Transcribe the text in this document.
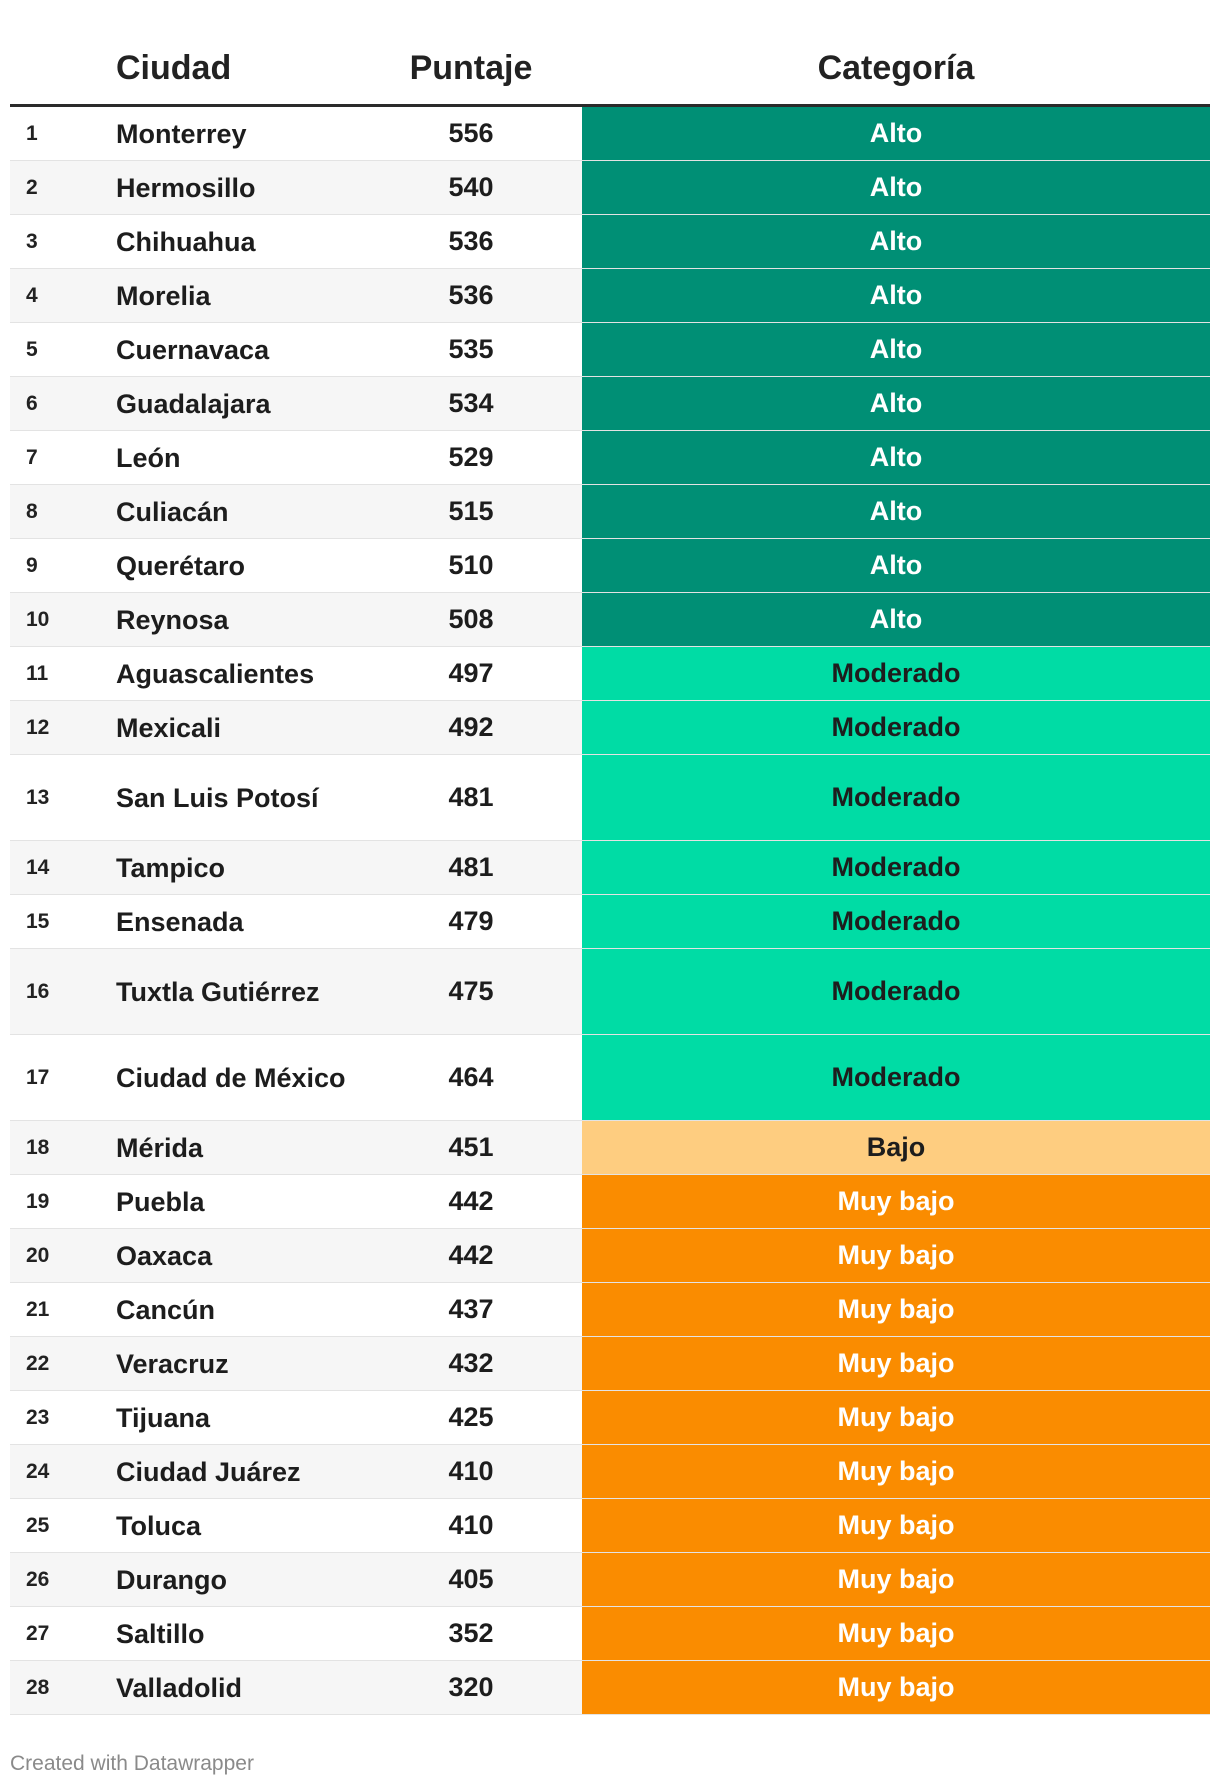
Ciudad	Puntaje	Categoría
1	Monterrey	556	Alto
2	Hermosillo	540	Alto
3	Chihuahua	536	Alto
4	Morelia	536	Alto
5	Cuernavaca	535	Alto
6	Guadalajara	534	Alto
7	León	529	Alto
8	Culiacán	515	Alto
9	Querétaro	510	Alto
10 Reynosa	508	Alto
11	Aguascalientes	497	Moderado
12 Mexicali	492	Moderado
13 San Luis Potosí	481	Moderado
14 Tampico	481	Moderado
15 Ensenada	479	Moderado
16 Tuxtla Gutiérrez	475	Moderado
17 Ciudad de México	464	Moderado
18 Mérida	451	Bajo
19 Puebla	442	Muy bajo
20 Oaxaca	442	Muy bajo
21 Cancún	437	Muy bajo
22 Veracruz	432	Muy bajo
23 Tijuana	425	Muy bajo
24 Ciudad Juárez	410	Muy bajo
25 Toluca	410	Muy bajo
26 Durango	405	Muy bajo
27 Saltillo	352	Muy bajo
28 Valladolid	320	Muy bajo
Created with Datawrapper
